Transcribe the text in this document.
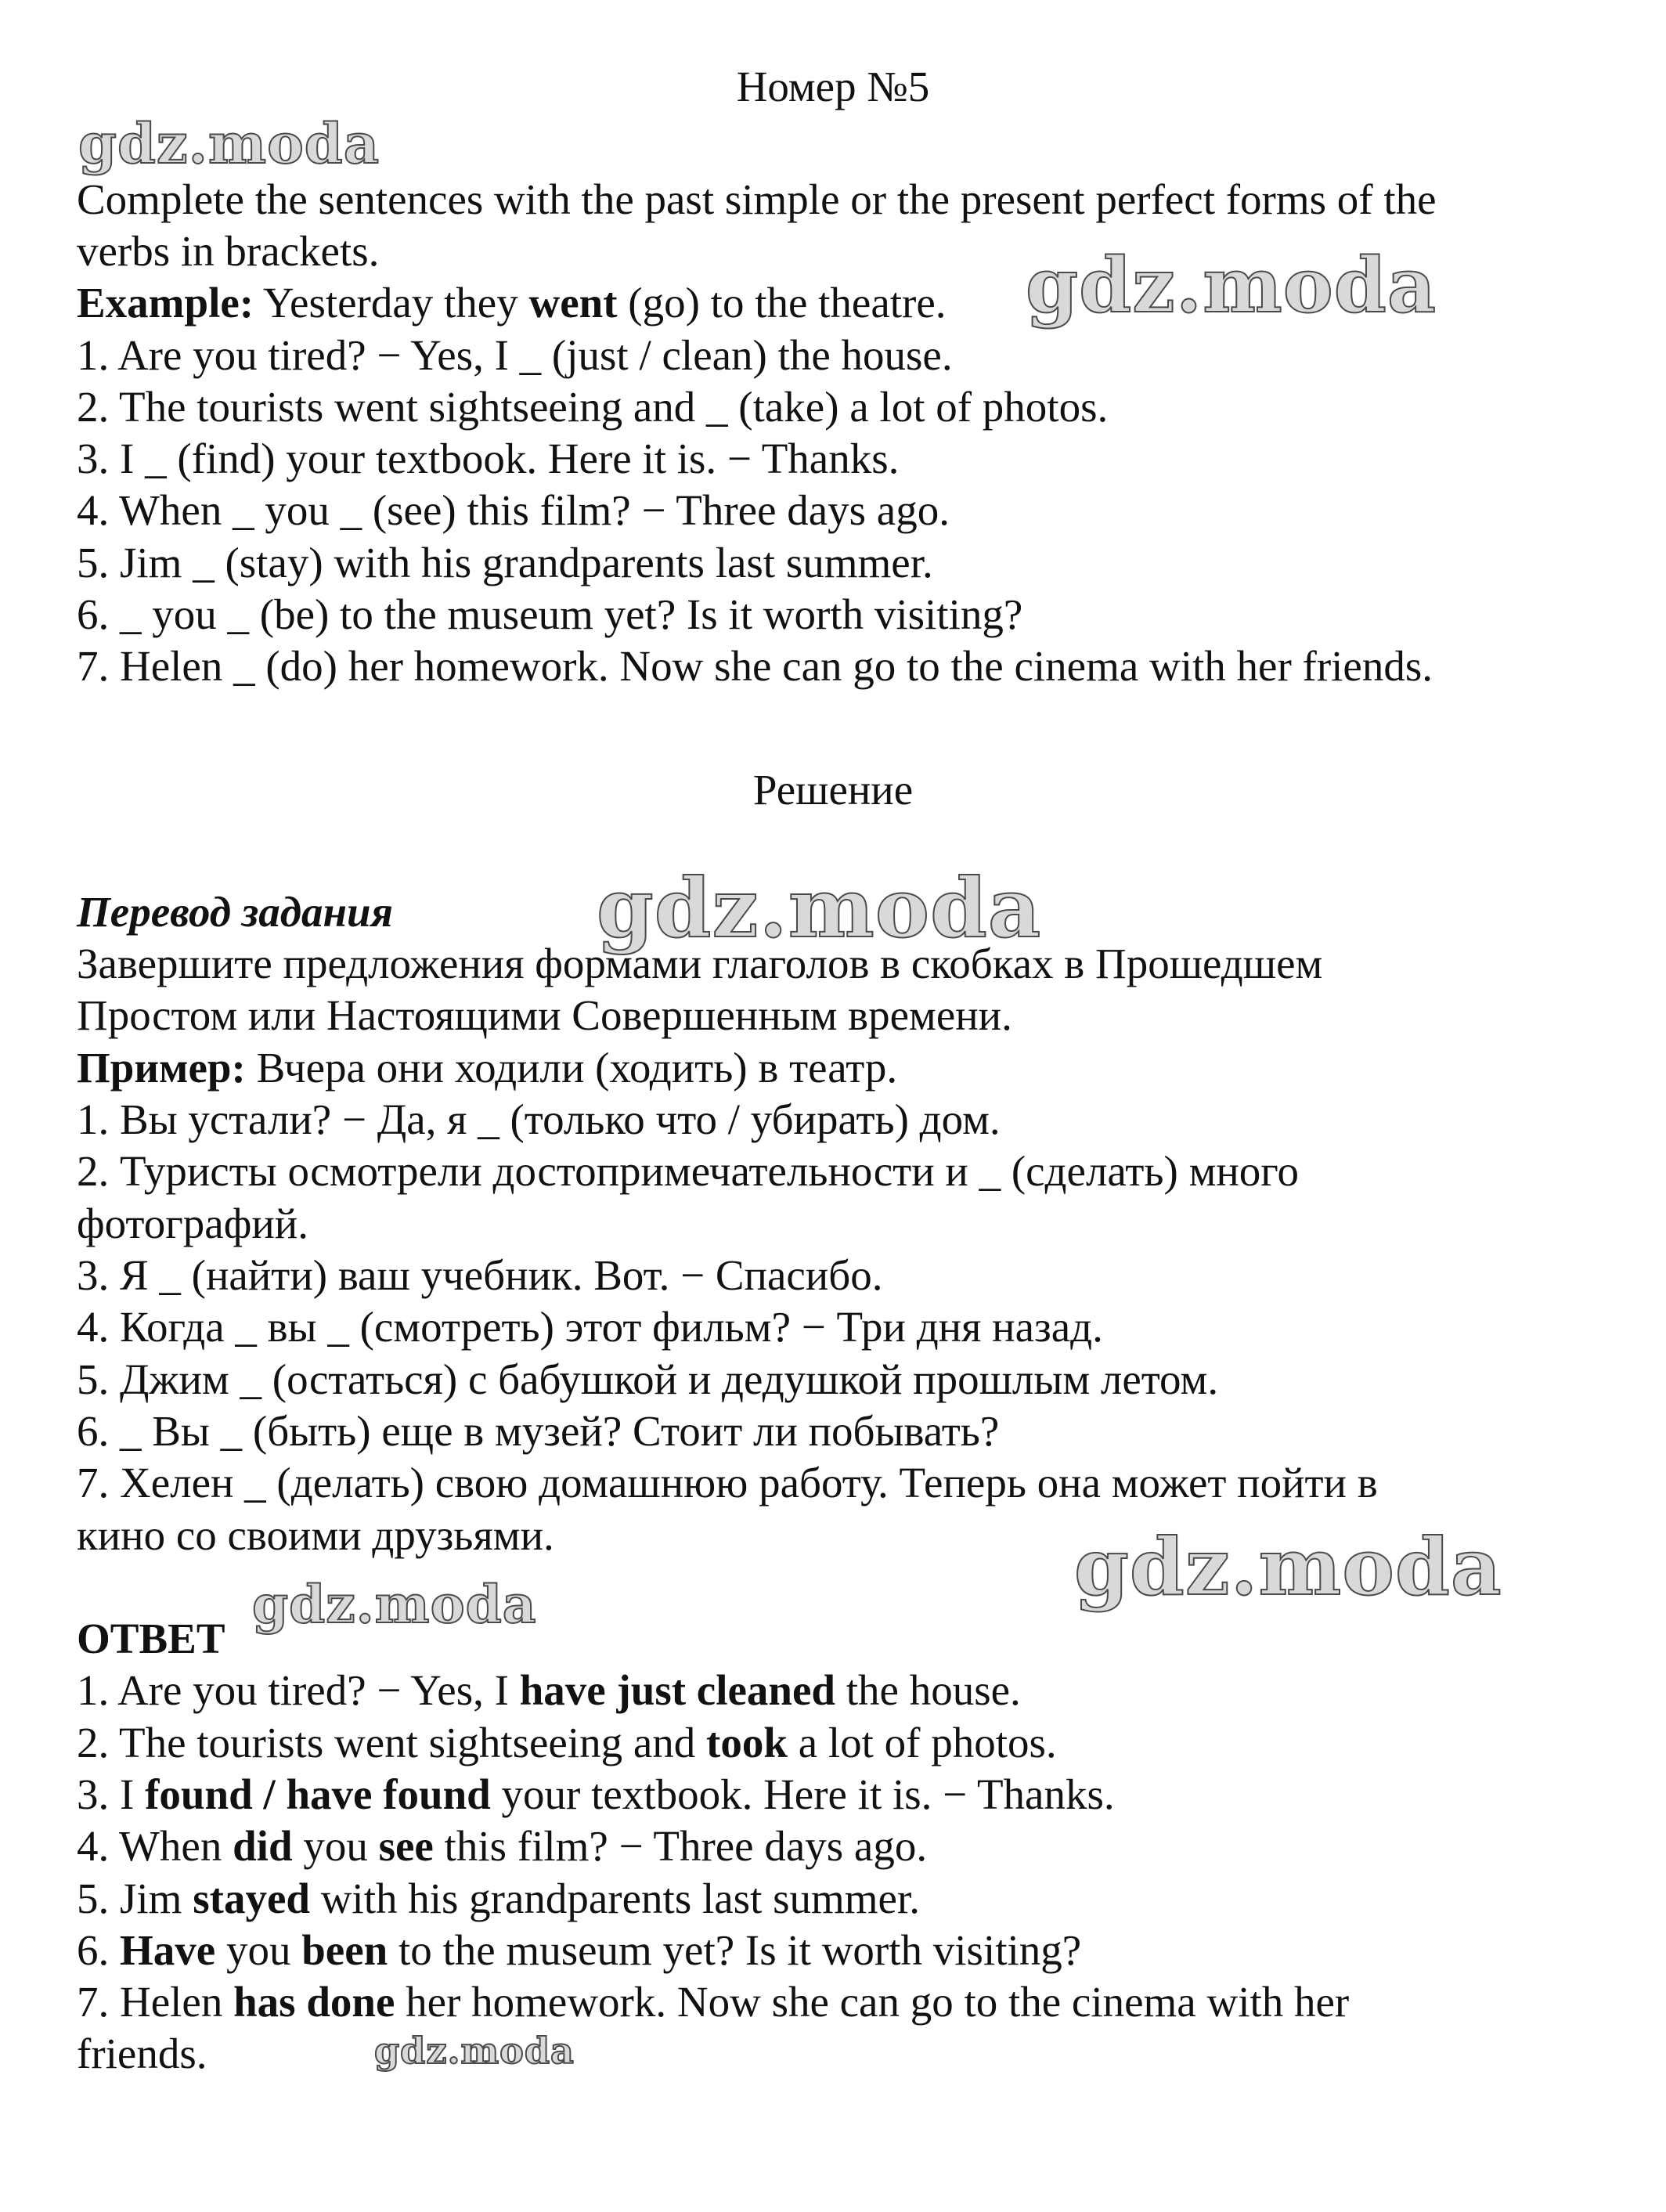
Номер №5
gdz.moda
gdz.moda
gdz.moda
gdz.moda
gdz.moda
gdz.moda
Complete the sentences with the past simple or the present perfect forms of the
verbs in brackets.
Example: Yesterday they went (go) to the theatre.
1. Are you tired? − Yes, I _ (just / clean) the house.
2. The tourists went sightseeing and _ (take) a lot of photos.
3. I _ (find) your textbook. Here it is. − Thanks.
4. When _ you _ (see) this film? − Three days ago.
5. Jim _ (stay) with his grandparents last summer.
6. _ you _ (be) to the museum yet? Is it worth visiting?
7. Helen _ (do) her homework. Now she can go to the cinema with her friends.
Решение
Перевод задания
Завершите предложения формами глаголов в скобках в Прошедшем
Простом или Настоящими Совершенным времени.
Пример: Вчера они ходили (ходить) в театр.
1. Вы устали? − Да, я _ (только что / убирать) дом.
2. Туристы осмотрели достопримечательности и _ (сделать) много
фотографий.
3. Я _ (найти) ваш учебник. Вот. − Спасибо.
4. Когда _ вы _ (смотреть) этот фильм? − Три дня назад.
5. Джим _ (остаться) с бабушкой и дедушкой прошлым летом.
6. _ Вы _ (быть) еще в музей? Стоит ли побывать?
7. Хелен _ (делать) свою домашнюю работу. Теперь она может пойти в
кино со своими друзьями.
ОТВЕТ
1. Are you tired? − Yes, I have just cleaned the house.
2. The tourists went sightseeing and took a lot of photos.
3. I found / have found your textbook. Here it is. − Thanks.
4. When did you see this film? − Three days ago.
5. Jim stayed with his grandparents last summer.
6. Have you been to the museum yet? Is it worth visiting?
7. Helen has done her homework. Now she can go to the cinema with her
friends.
